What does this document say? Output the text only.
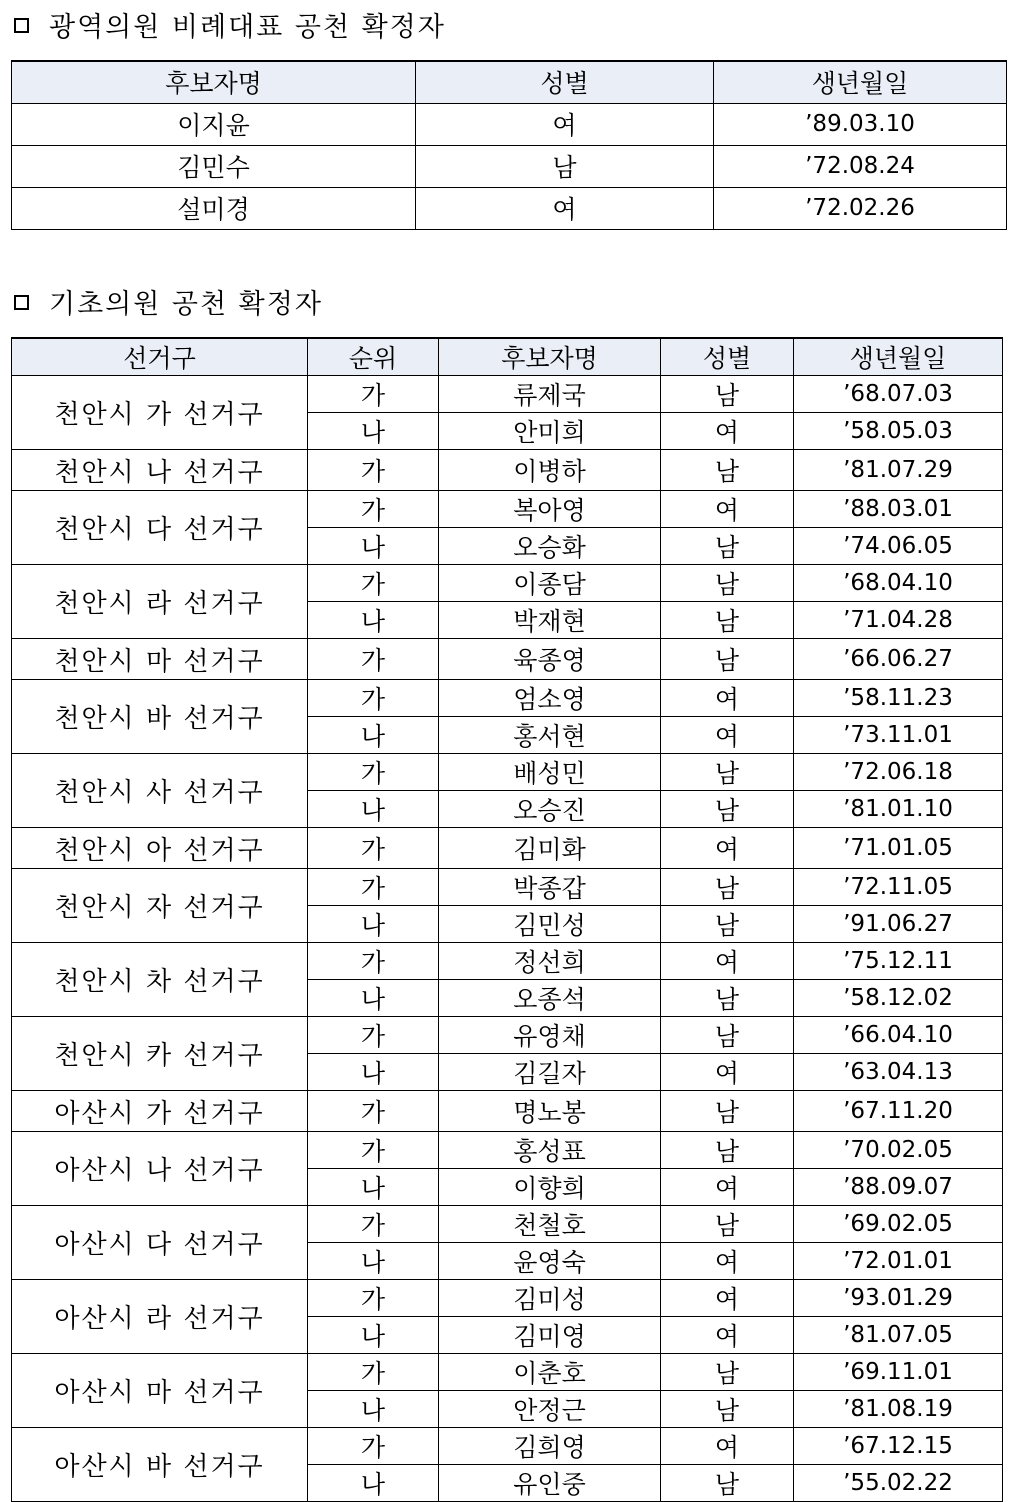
광역의원 비례대표 공천 확정자
후보자명	성별	생년월일
이지윤	여	’89.03.10
김민수	남	’72.08.24
설미경	여	’72.02.26
기초의원 공천 확정자
선거구	순위	후보자명	성별	생년월일
천안시 가 선거구	가	류제국	남	’68.07.03
	나	안미희	여	’58.05.03
천안시 나 선거구	가	이병하	남	’81.07.29
천안시 다 선거구	가	복아영	여	’88.03.01
	나	오승화	남	’74.06.05
천안시 라 선거구	가	이종담	남	’68.04.10
	나	박재현	남	’71.04.28
천안시 마 선거구	가	육종영	남	’66.06.27
천안시 바 선거구	가	엄소영	여	’58.11.23
	나	홍서현	여	’73.11.01
천안시 사 선거구	가	배성민	남	’72.06.18
	나	오승진	남	’81.01.10
천안시 아 선거구	가	김미화	여	’71.01.05
천안시 자 선거구	가	박종갑	남	’72.11.05
	나	김민성	남	’91.06.27
천안시 차 선거구	가	정선희	여	’75.12.11
	나	오종석	남	’58.12.02
천안시 카 선거구	가	유영채	남	’66.04.10
	나	김길자	여	’63.04.13
아산시 가 선거구	가	명노봉	남	’67.11.20
아산시 나 선거구	가	홍성표	남	’70.02.05
	나	이향희	여	’88.09.07
아산시 다 선거구	가	천철호	남	’69.02.05
	나	윤영숙	여	’72.01.01
아산시 라 선거구	가	김미성	여	’93.01.29
	나	김미영	여	’81.07.05
아산시 마 선거구	가	이춘호	남	’69.11.01
	나	안정근	남	’81.08.19
아산시 바 선거구	가	김희영	여	’67.12.15
	나	유인중	남	’55.02.22
